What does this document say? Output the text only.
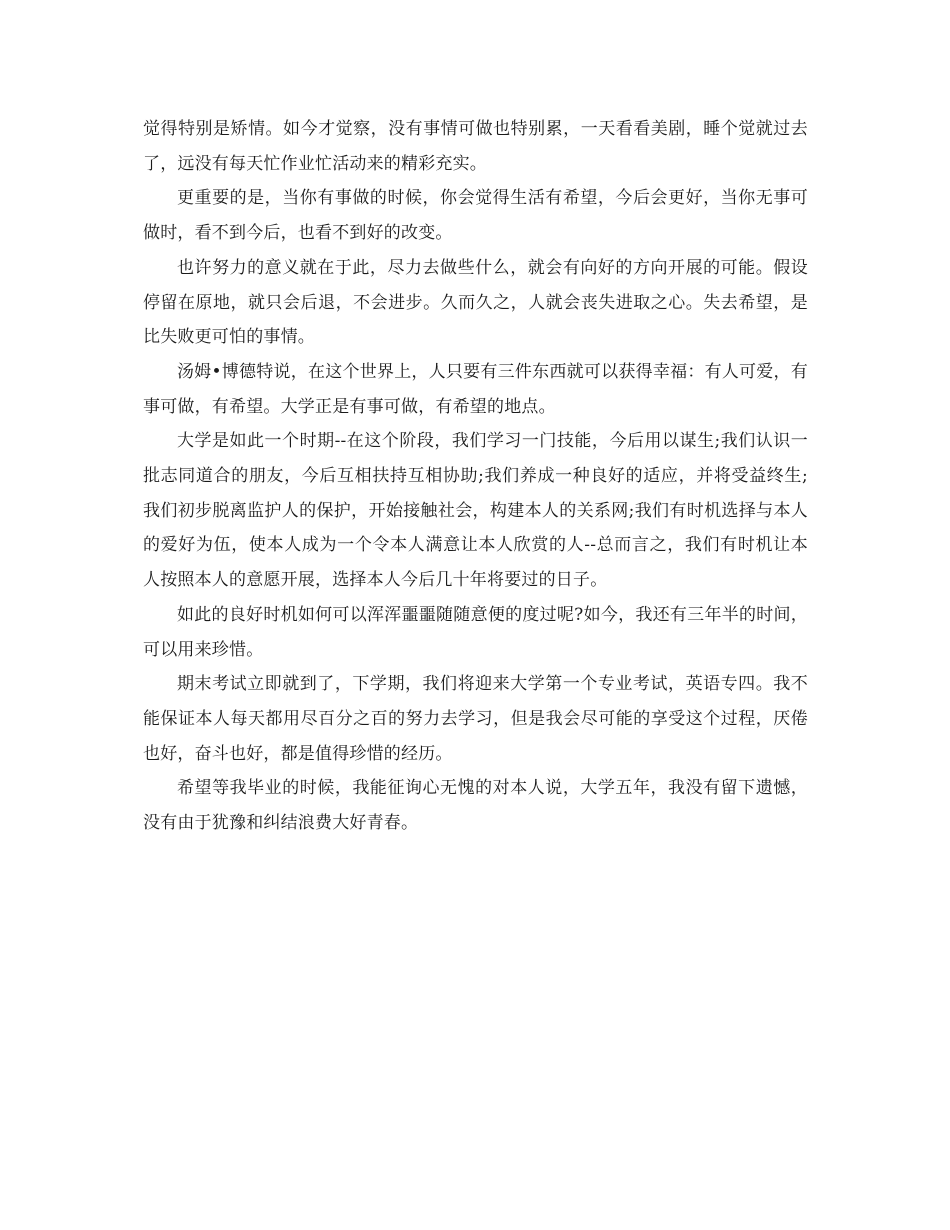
觉得特别是矫情。如今才觉察，没有事情可做也特别累，一天看看美剧，睡个觉就过去了，远没有每天忙作业忙活动来的精彩充实。

更重要的是，当你有事做的时候，你会觉得生活有希望，今后会更好，当你无事可做时，看不到今后，也看不到好的改变。

也许努力的意义就在于此，尽力去做些什么，就会有向好的方向开展的可能。假设停留在原地，就只会后退，不会进步。久而久之，人就会丧失进取之心。失去希望，是比失败更可怕的事情。

汤姆•博德特说，在这个世界上，人只要有三件东西就可以获得幸福：有人可爱，有事可做，有希望。大学正是有事可做，有希望的地点。

大学是如此一个时期--在这个阶段，我们学习一门技能，今后用以谋生;我们认识一批志同道合的朋友，今后互相扶持互相协助;我们养成一种良好的适应，并将受益终生;我们初步脱离监护人的保护，开始接触社会，构建本人的关系网;我们有时机选择与本人的爱好为伍，使本人成为一个令本人满意让本人欣赏的人--总而言之，我们有时机让本人按照本人的意愿开展，选择本人今后几十年将要过的日子。

如此的良好时机如何可以浑浑噩噩随随意便的度过呢?如今，我还有三年半的时间，可以用来珍惜。

期末考试立即就到了，下学期，我们将迎来大学第一个专业考试，英语专四。我不能保证本人每天都用尽百分之百的努力去学习，但是我会尽可能的享受这个过程，厌倦也好，奋斗也好，都是值得珍惜的经历。

希望等我毕业的时候，我能征询心无愧的对本人说，大学五年，我没有留下遗憾，没有由于犹豫和纠结浪费大好青春。
